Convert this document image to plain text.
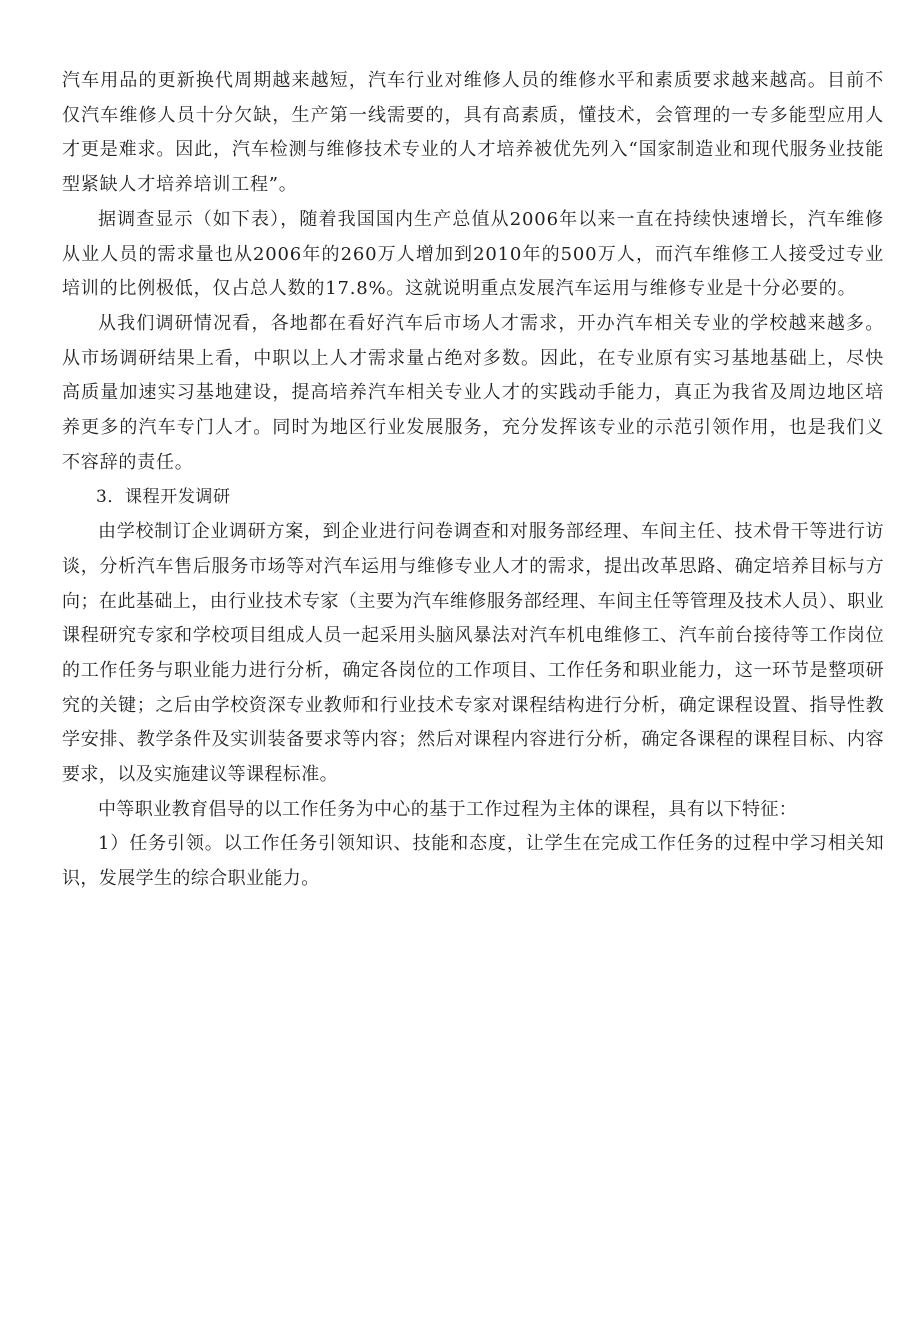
汽车用品的更新换代周期越来越短，汽车行业对维修人员的维修水平和素质要求越来越高。目前不仅汽车维修人员十分欠缺，生产第一线需要的，具有高素质，懂技术，会管理的一专多能型应用人才更是难求。因此，汽车检测与维修技术专业的人才培养被优先列入“国家制造业和现代服务业技能型紧缺人才培养培训工程”。

据调查显示（如下表），随着我国国内生产总值从2006年以来一直在持续快速增长，汽车维修从业人员的需求量也从2006年的260万人增加到2010年的500万人，而汽车维修工人接受过专业培训的比例极低，仅占总人数的17.8%。这就说明重点发展汽车运用与维修专业是十分必要的。

从我们调研情况看，各地都在看好汽车后市场人才需求，开办汽车相关专业的学校越来越多。从市场调研结果上看，中职以上人才需求量占绝对多数。因此，在专业原有实习基地基础上，尽快高质量加速实习基地建设，提高培养汽车相关专业人才的实践动手能力，真正为我省及周边地区培养更多的汽车专门人才。同时为地区行业发展服务，充分发挥该专业的示范引领作用，也是我们义不容辞的责任。

3．课程开发调研

由学校制订企业调研方案，到企业进行问卷调查和对服务部经理、车间主任、技术骨干等进行访谈，分析汽车售后服务市场等对汽车运用与维修专业人才的需求，提出改革思路、确定培养目标与方向；在此基础上，由行业技术专家（主要为汽车维修服务部经理、车间主任等管理及技术人员）、职业课程研究专家和学校项目组成人员一起采用头脑风暴法对汽车机电维修工、汽车前台接待等工作岗位的工作任务与职业能力进行分析，确定各岗位的工作项目、工作任务和职业能力，这一环节是整项研究的关键；之后由学校资深专业教师和行业技术专家对课程结构进行分析，确定课程设置、指导性教学安排、教学条件及实训装备要求等内容；然后对课程内容进行分析，确定各课程的课程目标、内容要求，以及实施建议等课程标准。

中等职业教育倡导的以工作任务为中心的基于工作过程为主体的课程，具有以下特征：

1）任务引领。以工作任务引领知识、技能和态度，让学生在完成工作任务的过程中学习相关知识，发展学生的综合职业能力。
